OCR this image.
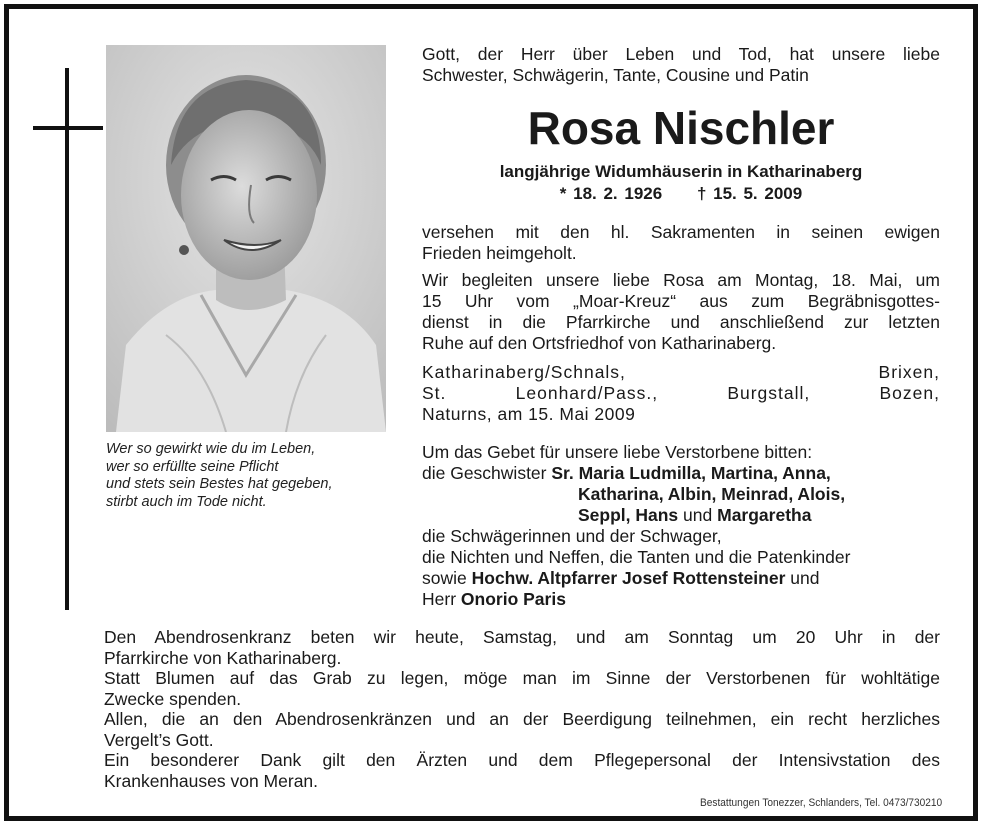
Wer so gewirkt wie du im Leben,
wer so erfüllte seine Pflicht
und stets sein Bestes hat gegeben,
stirbt auch im Tode nicht.
Gott, der Herr über Leben und Tod, hat unsere liebe
Schwester, Schwägerin, Tante, Cousine und Patin
Rosa Nischler
langjährige Widumhäuserin in Katharinaberg
* 18. 2. 1926 † 15. 5. 2009
versehen mit den hl. Sakramenten in seinen ewigen
Frieden heimgeholt.
Wir begleiten unsere liebe Rosa am Montag, 18. Mai, um
15 Uhr vom „Moar-Kreuz“ aus zum Begräbnisgottes-
dienst in die Pfarrkirche und anschließend zur letzten
Ruhe auf den Ortsfriedhof von Katharinaberg.
Katharinaberg/Schnals, Brixen,
St. Leonhard/Pass., Burgstall, Bozen,
Naturns, am 15. Mai 2009
Um das Gebet für unsere liebe Verstorbene bitten:
die Geschwister Sr. Maria Ludmilla, Martina, Anna,
Katharina, Albin, Meinrad, Alois,
Seppl, Hans und Margaretha
die Schwägerinnen und der Schwager,
die Nichten und Neffen, die Tanten und die Patenkinder
sowie Hochw. Altpfarrer Josef Rottensteiner und
Herr Onorio Paris
Den Abendrosenkranz beten wir heute, Samstag, und am Sonntag um 20 Uhr in der
Pfarrkirche von Katharinaberg.
Statt Blumen auf das Grab zu legen, möge man im Sinne der Verstorbenen für wohltätige
Zwecke spenden.
Allen, die an den Abendrosenkränzen und an der Beerdigung teilnehmen, ein recht herzliches
Vergelt’s Gott.
Ein besonderer Dank gilt den Ärzten und dem Pflegepersonal der Intensivstation des
Krankenhauses von Meran.
Bestattungen Tonezzer, Schlanders, Tel. 0473/730210
